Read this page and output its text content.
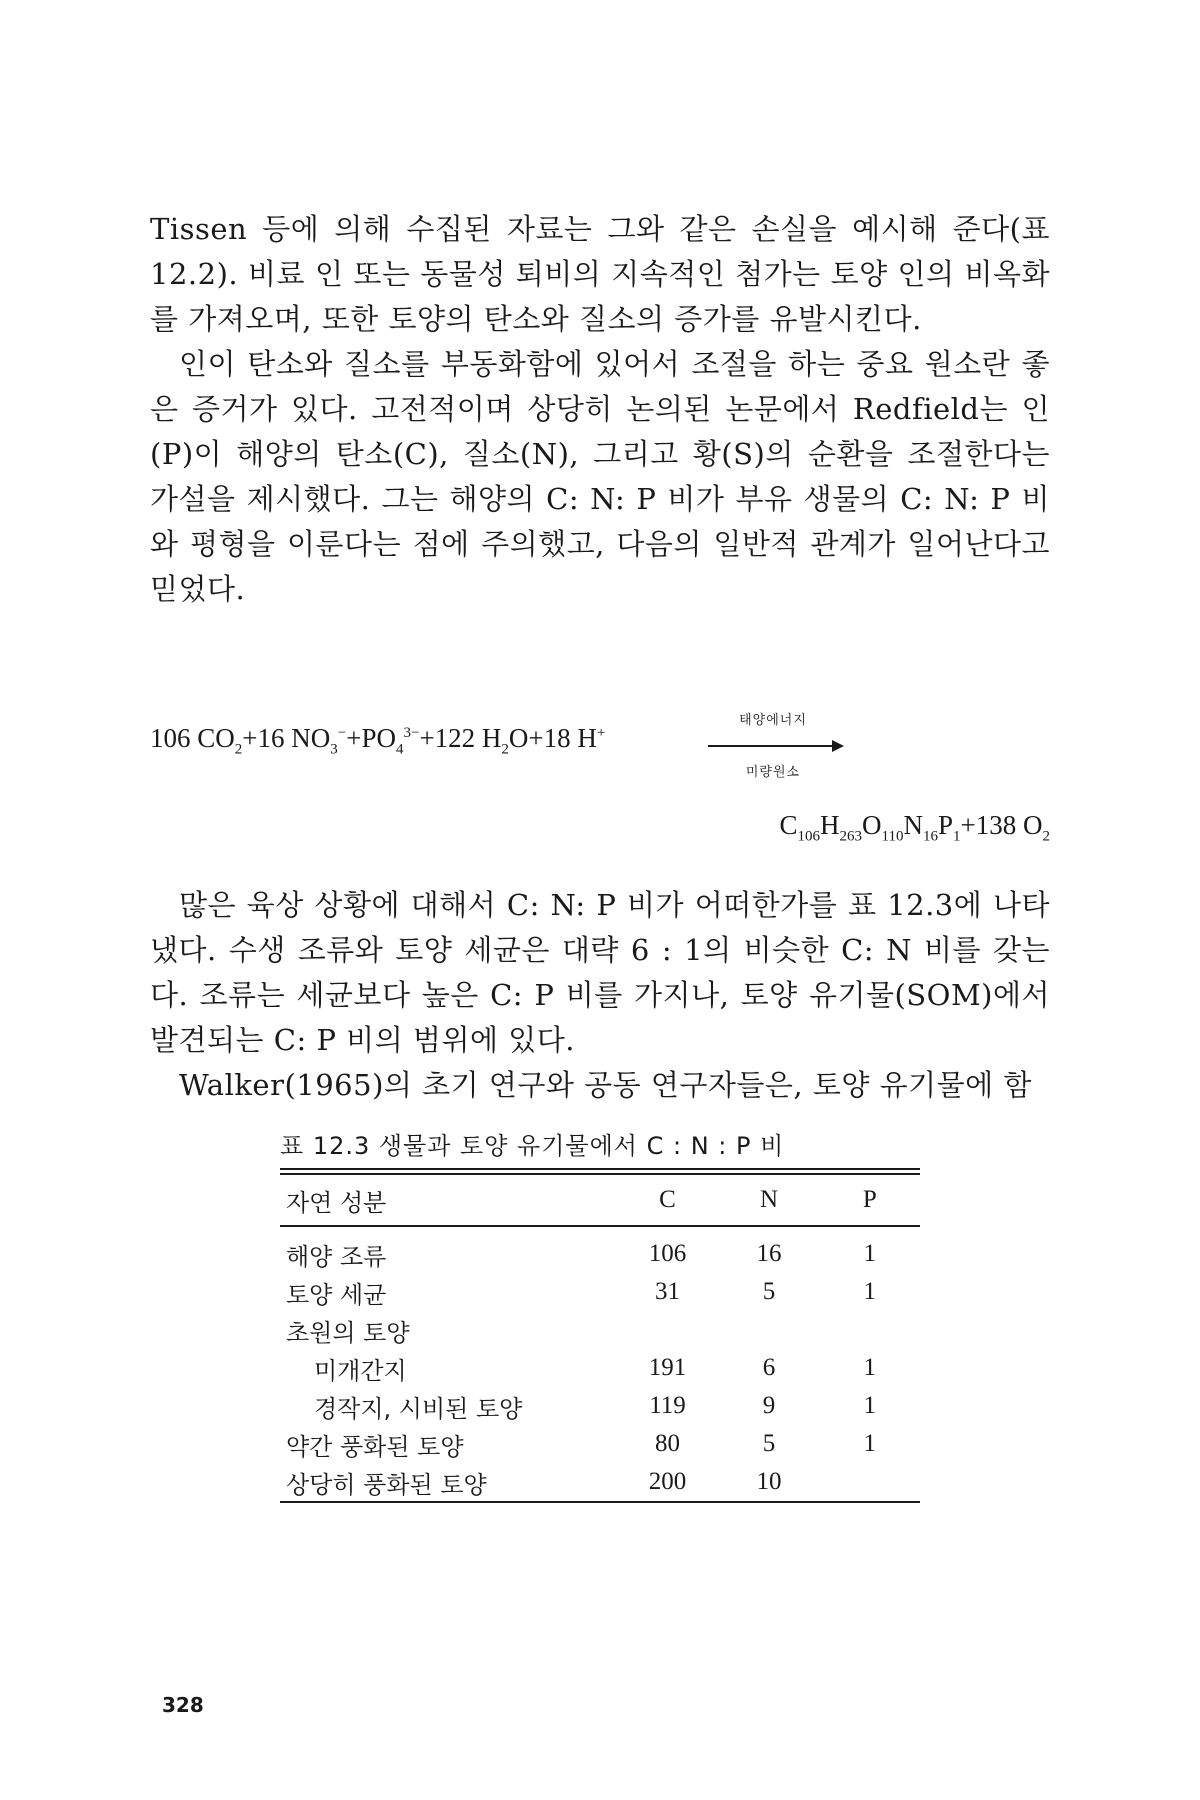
Tissen 등에 의해 수집된 자료는 그와 같은 손실을 예시해 준다(표 12.2). 비료 인 또는 동물성 퇴비의 지속적인 첨가는 토양 인의 비옥화를 가져오며, 또한 토양의 탄소와 질소의 증가를 유발시킨다.

인이 탄소와 질소를 부동화함에 있어서 조절을 하는 중요 원소란 좋은 증거가 있다. 고전적이며 상당히 논의된 논문에서 Redfield는 인(P)이 해양의 탄소(C), 질소(N), 그리고 황(S)의 순환을 조절한다는 가설을 제시했다. 그는 해양의 C: N: P 비가 부유 생물의 C: N: P 비와 평형을 이룬다는 점에 주의했고, 다음의 일반적 관계가 일어난다고 믿었다.

106 $CO_2+16$ $NO_3^-+PO_4^{3-}+122$ $H_2O+18$ H+
태양에너지
미량원소
$C_{106}H_{263}O_{110}N_{16}P_1+138$ $O_2$

많은 육상 상황에 대해서 C: N: P 비가 어떠한가를 표 12.3에 나타냈다. 수생 조류와 토양 세균은 대략 6 : 1의 비슷한 C: N 비를 갖는다. 조류는 세균보다 높은 C: P 비를 가지나, 토양 유기물(SOM)에서 발견되는 C: P 비의 범위에 있다.

Walker(1965)의 초기 연구와 공동 연구자들은, 토양 유기물에 함

표 12.3 생물과 토양 유기물에서 C : N : P 비
자연 성분	C	N	P

해양 조류	106	16	1
토양 세균	31	5	1
초원의 토양			
미개간지	191	6	1
경작지, 시비된 토양	119	9	1
약간 풍화된 토양	80	5	1
상당히 풍화된 토양	200	10	
328
